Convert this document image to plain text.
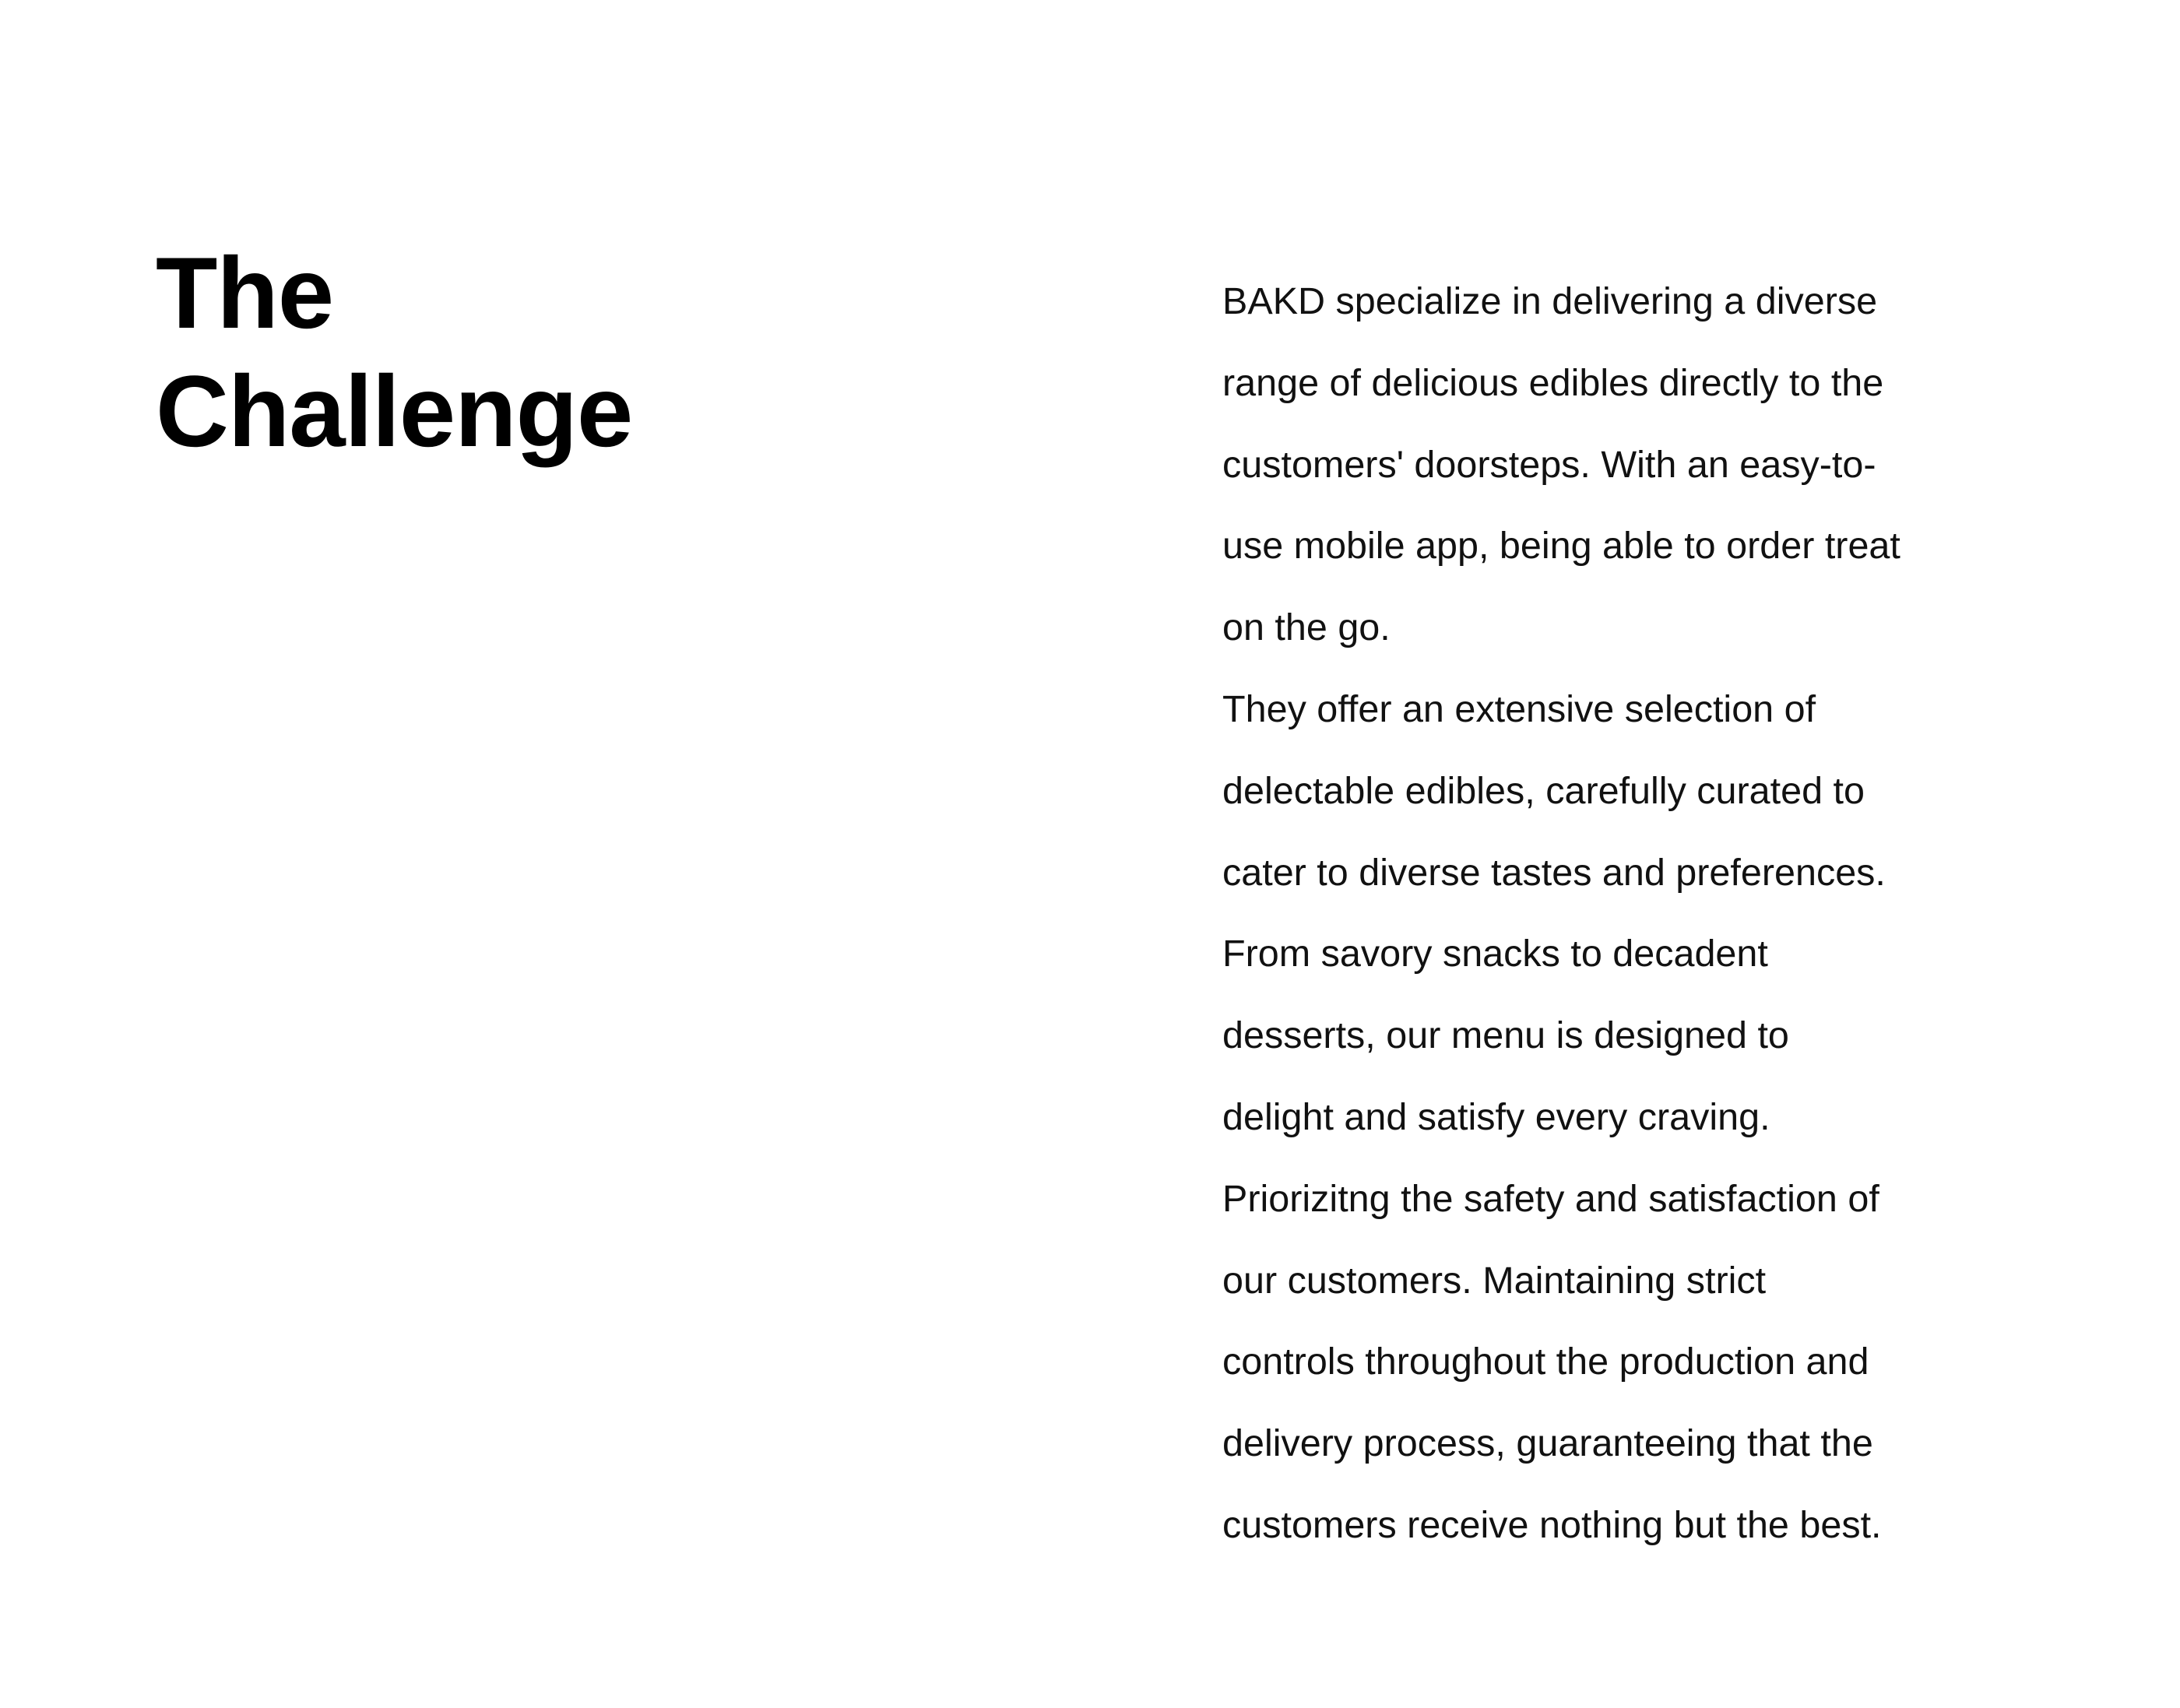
The
Challenge
BAKD specialize in delivering a diverse
range of delicious edibles directly to the
customers' doorsteps. With an easy-to-
use mobile app, being able to order treat
on the go.
They offer an extensive selection of
delectable edibles, carefully curated to
cater to diverse tastes and preferences.
From savory snacks to decadent
desserts, our menu is designed to
delight and satisfy every craving.
Priorizitng the safety and satisfaction of
our customers. Maintaining strict
controls throughout the production and
delivery process, guaranteeing that the
customers receive nothing but the best.
